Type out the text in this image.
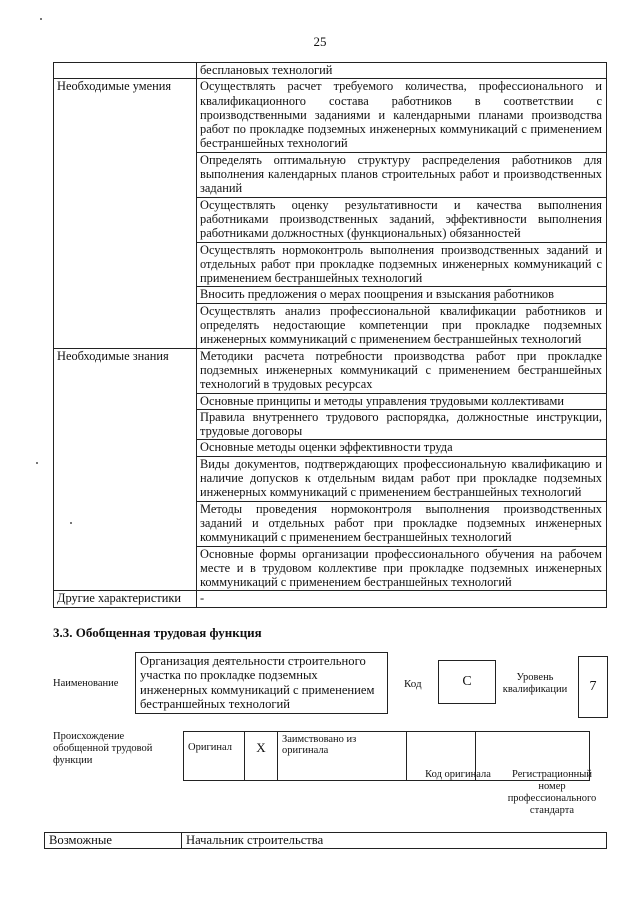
25
	бесплановых технологий
Необходимые умения	Осуществлять расчет требуемого количества, профессионального и квалификационного состава работников в соответствии с производственными заданиями и календарными планами производства работ по прокладке подземных инженерных коммуникаций с применением бестраншейных технологий
	Определять оптимальную структуру распределения работников для выполнения календарных планов строительных работ и производственных заданий
	Осуществлять оценку результативности и качества выполнения работниками производственных заданий, эффективности выполнения работниками должностных (функциональных) обязанностей
	Осуществлять нормоконтроль выполнения производственных заданий и отдельных работ при прокладке подземных инженерных коммуникаций с применением бестраншейных технологий
	Вносить предложения о мерах поощрения и взыскания работников
	Осуществлять анализ профессиональной квалификации работников и определять недостающие компетенции при прокладке подземных инженерных коммуникаций с применением бестраншейных технологий
Необходимые знания	Методики расчета потребности производства работ при прокладке подземных инженерных коммуникаций с применением бестраншейных технологий в трудовых ресурсах
	Основные принципы и методы управления трудовыми коллективами
	Правила внутреннего трудового распорядка, должностные инструкции, трудовые договоры
	Основные методы оценки эффективности труда
	Виды документов, подтверждающих профессиональную квалификацию и наличие допусков к отдельным видам работ при прокладке подземных инженерных коммуникаций с применением бестраншейных технологий
	Методы проведения нормоконтроля выполнения производственных заданий и отдельных работ при прокладке подземных инженерных коммуникаций с применением бестраншейных технологий
	Основные формы организации профессионального обучения на рабочем месте и в трудовом коллективе при прокладке подземных инженерных коммуникаций с применением бестраншейных технологий
Другие характеристики	-
3.3. Обобщенная трудовая функция
Наименование
Организация деятельности строительного участка по прокладке подземных инженерных коммуникаций с применением бестраншейных технологий
Код	C	Уровень квалификации	7
Происхождение обобщенной трудовой функции
Оригинал	X	Заимствовано из оригинала		
Код оригинала	Регистрационный номер профессионального стандарта
Возможные	Начальник строительства
